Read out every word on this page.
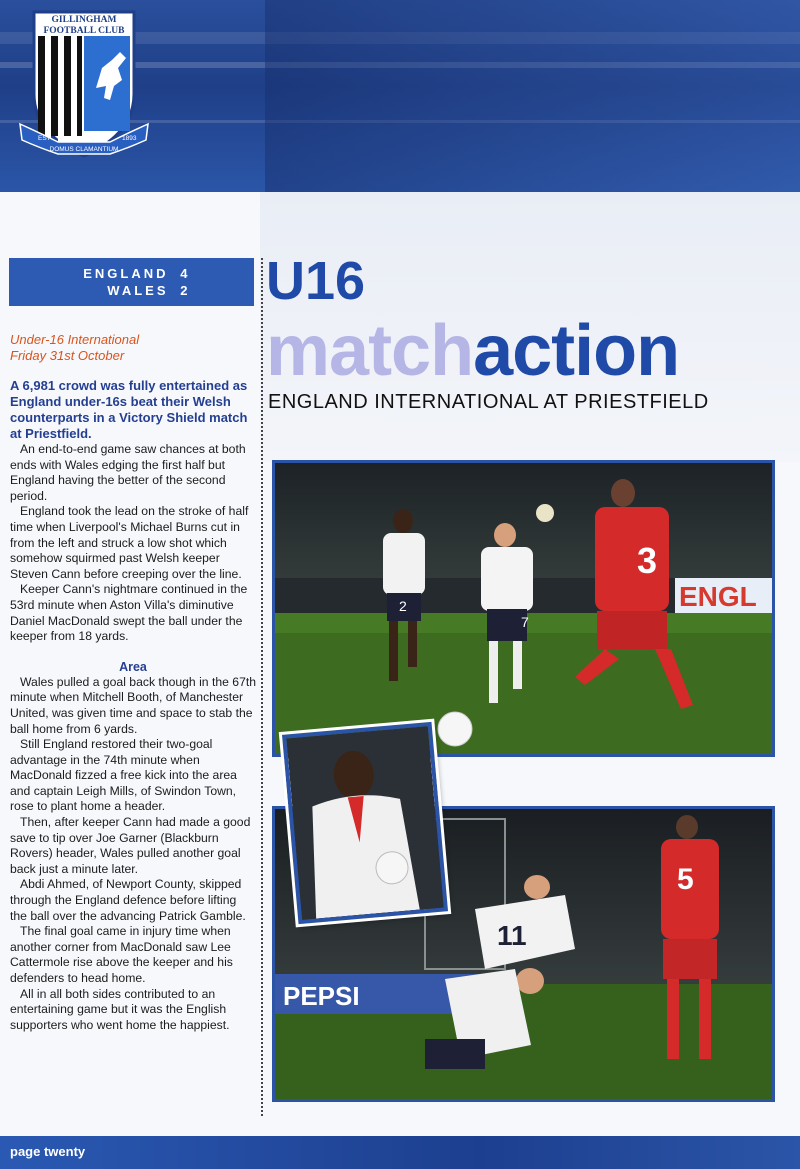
GILLINGHAM
FOOTBALL CLUB
EST	1893
DOMUS CLAMANTIUM
ENGLAND 4
WALES 2
Under-16 International
Friday 31st October
A 6,981 crowd was fully entertained as England under-16s beat their Welsh counterparts in a Victory Shield match at Priestfield.

An end-to-end game saw chances at both ends with Wales edging the first half but England having the better of the second period.

England took the lead on the stroke of half time when Liverpool's Michael Burns cut in from the left and struck a low shot which somehow squirmed past Welsh keeper Steven Cann before creeping over the line.

Keeper Cann's nightmare continued in the 53rd minute when Aston Villa's diminutive Daniel MacDonald swept the ball under the keeper from 18 yards.

Area

Wales pulled a goal back though in the 67th minute when Mitchell Booth, of Manchester United, was given time and space to stab the ball home from 6 yards.

Still England restored their two-goal advantage in the 74th minute when MacDonald fizzed a free kick into the area and captain Leigh Mills, of Swindon Town, rose to plant home a header.

Then, after keeper Cann had made a good save to tip over Joe Garner (Blackburn Rovers) header, Wales pulled another goal back just a minute later.

Abdi Ahmed, of Newport County, skipped through the England defence before lifting the ball over the advancing Patrick Gamble.

The final goal came in injury time when another corner from MacDonald saw Lee Cattermole rise above the keeper and his defenders to head home.

All in all both sides contributed to an entertaining game but it was the English supporters who went home the happiest.

U16
matchaction
ENGLAND INTERNATIONAL AT PRIESTFIELD
ENGL
2
7
3
PEPSI
5
11
page twenty
